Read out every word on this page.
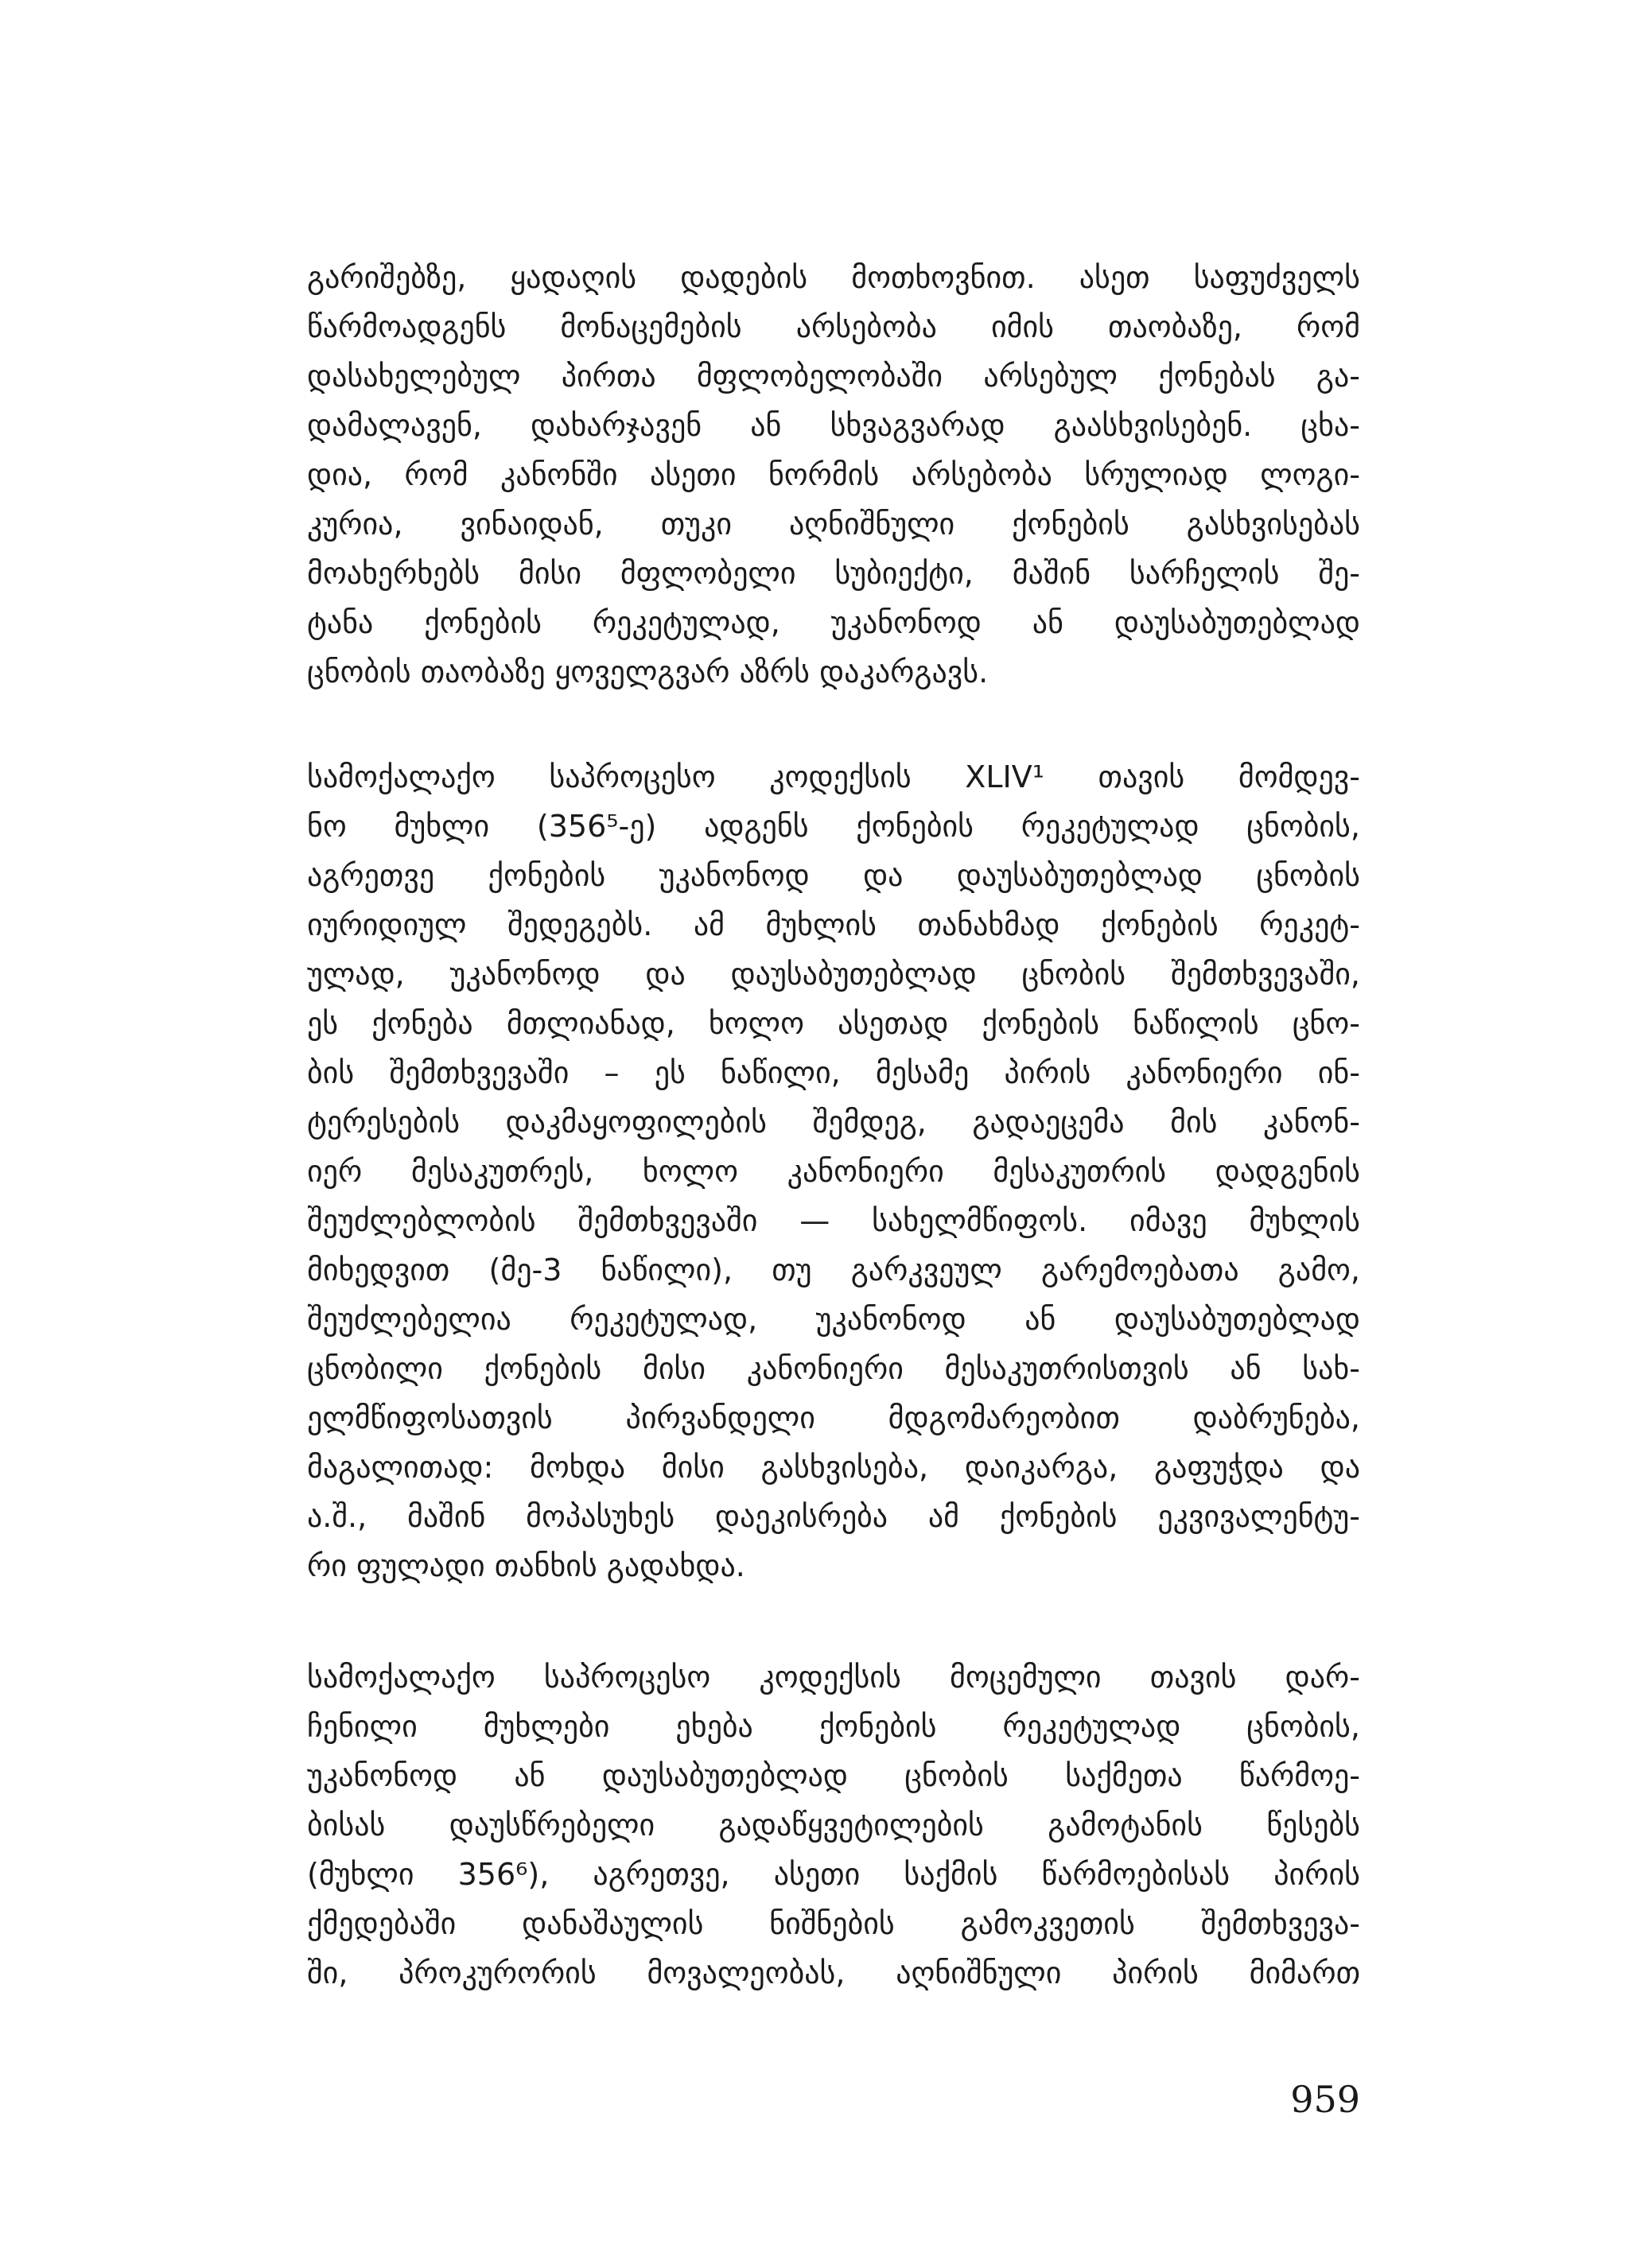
გარიშებზე, ყადაღის დადების მოთხოვნით. ასეთ საფუძველს
წარმოადგენს მონაცემების არსებობა იმის თაობაზე, რომ
დასახელებულ პირთა მფლობელობაში არსებულ ქონებას გა-
დამალავენ, დახარჯავენ ან სხვაგვარად გაასხვისებენ. ცხა-
დია, რომ კანონში ასეთი ნორმის არსებობა სრულიად ლოგი-
კურია, ვინაიდან, თუკი აღნიშნული ქონების გასხვისებას
მოახერხებს მისი მფლობელი სუბიექტი, მაშინ სარჩელის შე-
ტანა ქონების რეკეტულად, უკანონოდ ან დაუსაბუთებლად
ცნობის თაობაზე ყოველგვარ აზრს დაკარგავს.
სამოქალაქო საპროცესო კოდექსის XLIV¹ თავის მომდევ-
ნო მუხლი (356⁵-ე) ადგენს ქონების რეკეტულად ცნობის,
აგრეთვე ქონების უკანონოდ და დაუსაბუთებლად ცნობის
იურიდიულ შედეგებს. ამ მუხლის თანახმად ქონების რეკეტ-
ულად, უკანონოდ და დაუსაბუთებლად ცნობის შემთხვევაში,
ეს ქონება მთლიანად, ხოლო ასეთად ქონების ნაწილის ცნო-
ბის შემთხვევაში – ეს ნაწილი, მესამე პირის კანონიერი ინ-
ტერესების დაკმაყოფილების შემდეგ, გადაეცემა მის კანონ-
იერ მესაკუთრეს, ხოლო კანონიერი მესაკუთრის დადგენის
შეუძლებლობის შემთხვევაში — სახელმწიფოს. იმავე მუხლის
მიხედვით (მე-3 ნაწილი), თუ გარკვეულ გარემოებათა გამო,
შეუძლებელია რეკეტულად, უკანონოდ ან დაუსაბუთებლად
ცნობილი ქონების მისი კანონიერი მესაკუთრისთვის ან სახ-
ელმწიფოსათვის პირვანდელი მდგომარეობით დაბრუნება,
მაგალითად: მოხდა მისი გასხვისება, დაიკარგა, გაფუჭდა და
ა.შ., მაშინ მოპასუხეს დაეკისრება ამ ქონების ეკვივალენტუ-
რი ფულადი თანხის გადახდა.
სამოქალაქო საპროცესო კოდექსის მოცემული თავის დარ-
ჩენილი მუხლები ეხება ქონების რეკეტულად ცნობის,
უკანონოდ ან დაუსაბუთებლად ცნობის საქმეთა წარმოე-
ბისას დაუსწრებელი გადაწყვეტილების გამოტანის წესებს
(მუხლი 356⁶), აგრეთვე, ასეთი საქმის წარმოებისას პირის
ქმედებაში დანაშაულის ნიშნების გამოკვეთის შემთხვევა-
ში, პროკურორის მოვალეობას, აღნიშნული პირის მიმართ
959
